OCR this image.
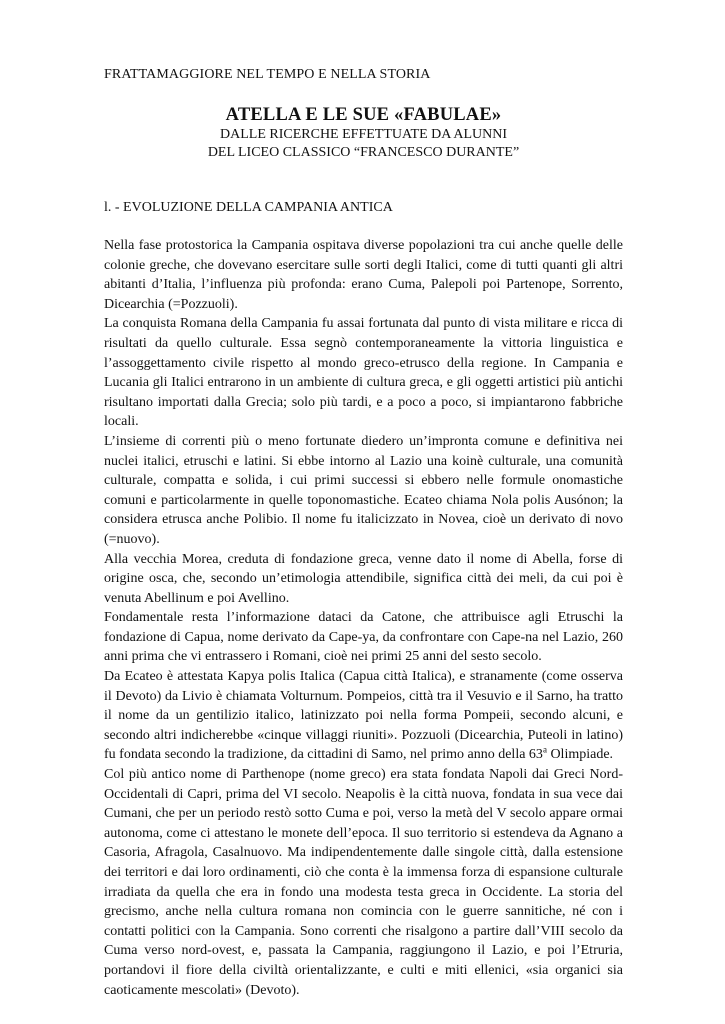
FRATTAMAGGIORE NEL TEMPO E NELLA STORIA

ATELLA E LE SUE «FABULAE»

DALLE RICERCHE EFFETTUATE DA ALUNNI

DEL LICEO CLASSICO “FRANCESCO DURANTE”

l. - EVOLUZIONE DELLA CAMPANIA ANTICA

Nella fase protostorica la Campania ospitava diverse popolazioni tra cui anche quelle delle colonie greche, che dovevano esercitare sulle sorti degli Italici, come di tutti quanti gli altri abitanti d’Italia, l’influenza più profonda: erano Cuma, Palepoli poi Partenope, Sorrento, Dicearchia (=Pozzuoli).

La conquista Romana della Campania fu assai fortunata dal punto di vista militare e ricca di risultati da quello culturale. Essa segnò contemporaneamente la vittoria linguistica e l’assoggettamento civile rispetto al mondo greco-etrusco della regione. In Campania e Lucania gli Italici entrarono in un ambiente di cultura greca, e gli oggetti artistici più antichi risultano importati dalla Grecia; solo più tardi, e a poco a poco, si impiantarono fabbriche locali.

L’insieme di correnti più o meno fortunate diedero un’impronta comune e definitiva nei nuclei italici, etruschi e latini. Si ebbe intorno al Lazio una koinè culturale, una comunità culturale, compatta e solida, i cui primi successi si ebbero nelle formule onomastiche comuni e particolarmente in quelle toponomastiche. Ecateo chiama Nola polis Ausónon; la considera etrusca anche Polibio. Il nome fu italicizzato in Novea, cioè un derivato di novo (=nuovo).

Alla vecchia Morea, creduta di fondazione greca, venne dato il nome di Abella, forse di origine osca, che, secondo un’etimologia attendibile, significa città dei meli, da cui poi è venuta Abellinum e poi Avellino.

Fondamentale resta l’informazione dataci da Catone, che attribuisce agli Etruschi la fondazione di Capua, nome derivato da Cape-ya, da confrontare con Cape-na nel Lazio, 260 anni prima che vi entrassero i Romani, cioè nei primi 25 anni del sesto secolo.

Da Ecateo è attestata Kapya polis Italica (Capua città Italica), e stranamente (come osserva il Devoto) da Livio è chiamata Volturnum. Pompeios, città tra il Vesuvio e il Sarno, ha tratto il nome da un gentilizio italico, latinizzato poi nella forma Pompeii, secondo alcuni, e secondo altri indicherebbe «cinque villaggi riuniti». Pozzuoli (Dicearchia, Puteoli in latino) fu fondata secondo la tradizione, da cittadini di Samo, nel primo anno della 63$^a$ Olimpiade.

Col più antico nome di Parthenope (nome greco) era stata fondata Napoli dai Greci Nord-Occidentali di Capri, prima del VI secolo. Neapolis è la città nuova, fondata in sua vece dai Cumani, che per un periodo restò sotto Cuma e poi, verso la metà del V secolo appare ormai autonoma, come ci attestano le monete dell’epoca. Il suo territorio si estendeva da Agnano a Casoria, Afragola, Casalnuovo. Ma indipendentemente dalle singole città, dalla estensione dei territori e dai loro ordinamenti, ciò che conta è la immensa forza di espansione culturale irradiata da quella che era in fondo una modesta testa greca in Occidente. La storia del grecismo, anche nella cultura romana non comincia con le guerre sannitiche, né con i contatti politici con la Campania. Sono correnti che risalgono a partire dall’VIII secolo da Cuma verso nord-ovest, e, passata la Campania, raggiungono il Lazio, e poi l’Etruria, portandovi il fiore della civiltà orientalizzante, e culti e miti ellenici, «sia organici sia caoticamente mescolati» (Devoto).
